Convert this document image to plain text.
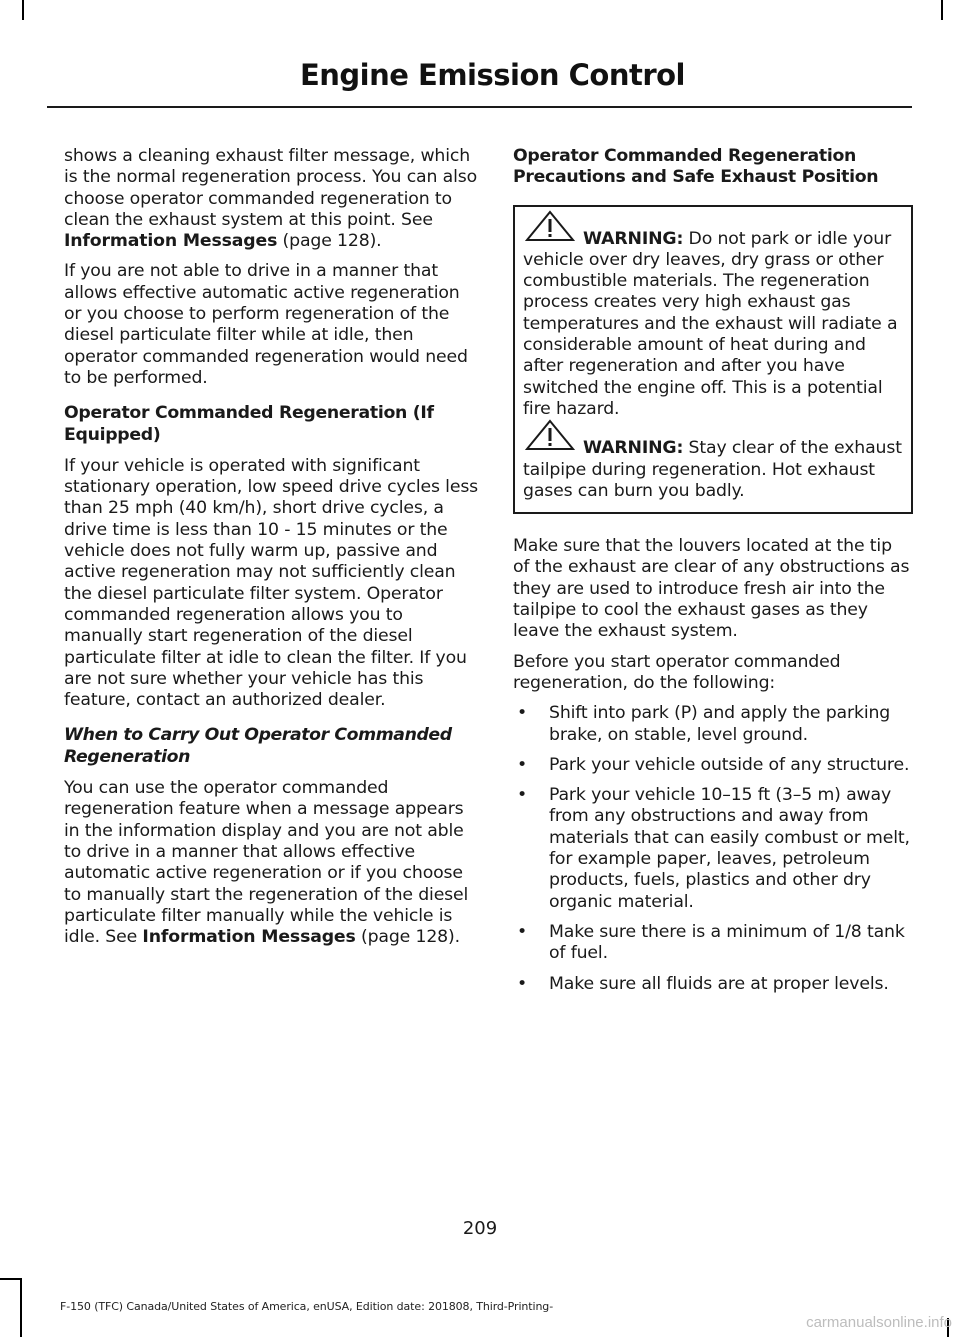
Engine Emission Control

shows a cleaning exhaust filter message, which is the normal regeneration process. You can also choose operator commanded regeneration to clean the exhaust system at this point. See Information Messages (page 128).

If you are not able to drive in a manner that allows effective automatic active regeneration or you choose to perform regeneration of the diesel particulate filter while at idle, then operator commanded regeneration would need to be performed.

Operator Commanded Regeneration (If Equipped)

If your vehicle is operated with significant stationary operation, low speed drive cycles less than 25 mph (40 km/h), short drive cycles, a drive time is less than 10 - 15 minutes or the vehicle does not fully warm up, passive and active regeneration may not sufficiently clean the diesel particulate filter system. Operator commanded regeneration allows you to manually start regeneration of the diesel particulate filter at idle to clean the filter. If you are not sure whether your vehicle has this feature, contact an authorized dealer.

When to Carry Out Operator Commanded Regeneration

You can use the operator commanded regeneration feature when a message appears in the information display and you are not able to drive in a manner that allows effective automatic active regeneration or if you choose to manually start the regeneration of the diesel particulate filter manually while the vehicle is idle. See Information Messages (page 128).

Operator Commanded Regeneration Precautions and Safe Exhaust Position
WARNING: Do not park or idle your vehicle over dry leaves, dry grass or other combustible materials. The regeneration process creates very high exhaust gas temperatures and the exhaust will radiate a considerable amount of heat during and after regeneration and after you have switched the engine off. This is a potential fire hazard.
WARNING: Stay clear of the exhaust tailpipe during regeneration. Hot exhaust gases can burn you badly.

Make sure that the louvers located at the tip of the exhaust are clear of any obstructions as they are used to introduce fresh air into the tailpipe to cool the exhaust gases as they leave the exhaust system.

Before you start operator commanded regeneration, do the following:

• Shift into park (P) and apply the parking brake, on stable, level ground.
• Park your vehicle outside of any structure.
• Park your vehicle 10–15 ft (3–5 m) away from any obstructions and away from materials that can easily combust or melt, for example paper, leaves, petroleum products, fuels, plastics and other dry organic material.
• Make sure there is a minimum of 1/8 tank of fuel.
• Make sure all fluids are at proper levels.
209
F-150 (TFC) Canada/United States of America, enUSA, Edition date: 201808, Third-Printing-
carmanualsonline.info
